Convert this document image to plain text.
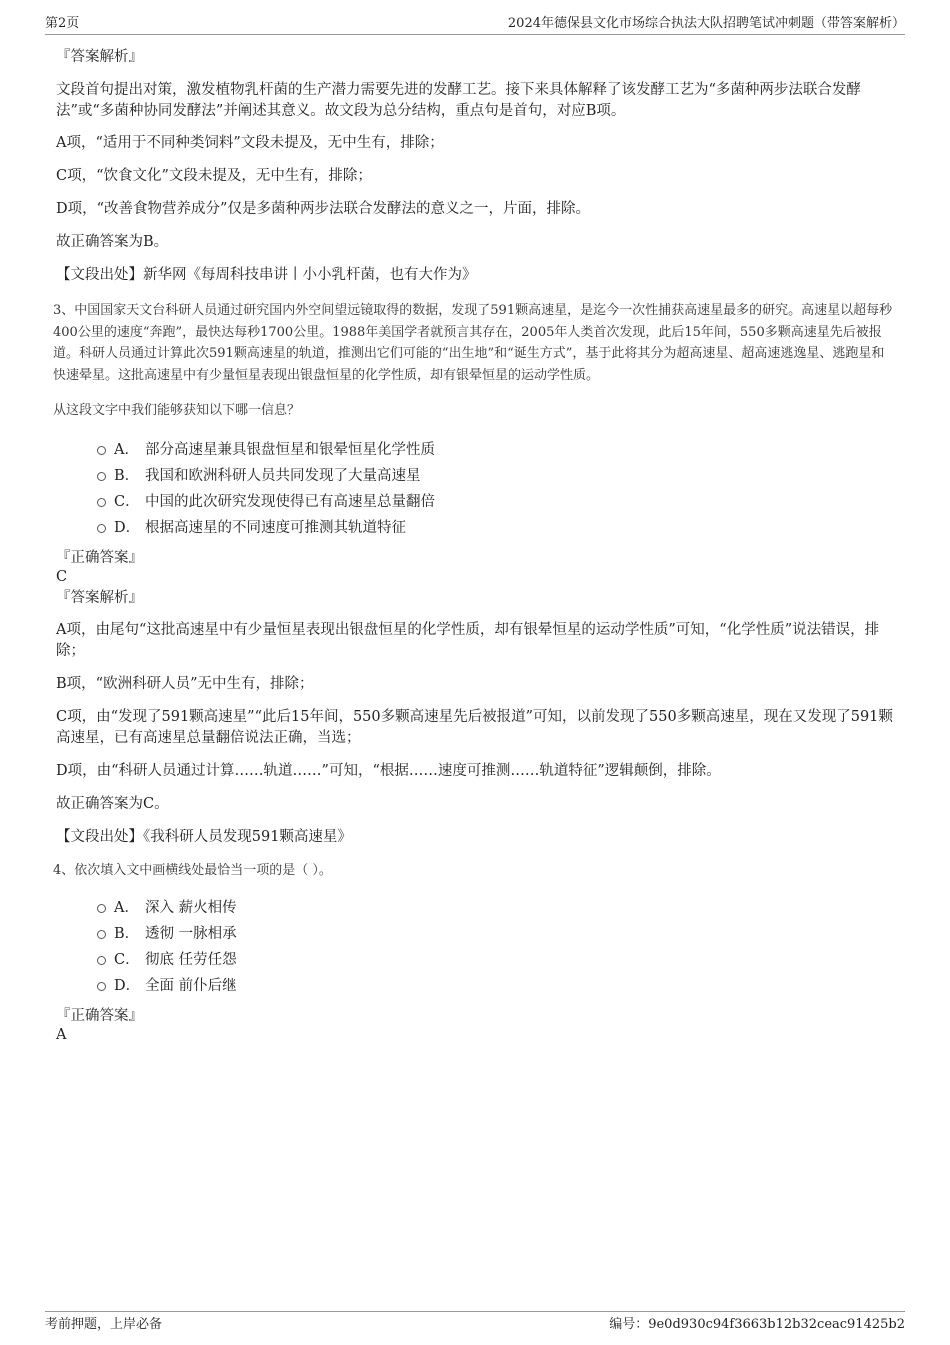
第2页	2024年德保县文化市场综合执法大队招聘笔试冲刺题（带答案解析）

『答案解析』

文段首句提出对策，激发植物乳杆菌的生产潜力需要先进的发酵工艺。接下来具体解释了该发酵工艺为“多菌种两步法联合发酵法”或“多菌种协同发酵法”并阐述其意义。故文段为总分结构，重点句是首句，对应B项。

A项，“适用于不同种类饲料”文段未提及，无中生有，排除；

C项，“饮食文化”文段未提及，无中生有，排除；

D项，“改善食物营养成分”仅是多菌种两步法联合发酵法的意义之一，片面，排除。

故正确答案为B。

【文段出处】新华网《每周科技串讲丨小小乳杆菌，也有大作为》

3、中国国家天文台科研人员通过研究国内外空间望远镜取得的数据，发现了591颗高速星，是迄今一次性捕获高速星最多的研究。高速星以超每秒400公里的速度“奔跑”，最快达每秒1700公里。1988年美国学者就预言其存在，2005年人类首次发现，此后15年间，550多颗高速星先后被报道。科研人员通过计算此次591颗高速星的轨道，推测出它们可能的“出生地”和“诞生方式”，基于此将其分为超高速星、超高速逃逸星、逃跑星和快速晕星。这批高速星中有少量恒星表现出银盘恒星的化学性质，却有银晕恒星的运动学性质。

从这段文字中我们能够获知以下哪一信息？

A． 部分高速星兼具银盘恒星和银晕恒星化学性质
B． 我国和欧洲科研人员共同发现了大量高速星
C． 中国的此次研究发现使得已有高速星总量翻倍
D． 根据高速星的不同速度可推测其轨道特征

『正确答案』

C

『答案解析』

A项，由尾句“这批高速星中有少量恒星表现出银盘恒星的化学性质，却有银晕恒星的运动学性质”可知，“化学性质”说法错误，排除；

B项，“欧洲科研人员”无中生有，排除；

C项，由“发现了591颗高速星”“此后15年间，550多颗高速星先后被报道”可知，以前发现了550多颗高速星，现在又发现了591颗高速星，已有高速星总量翻倍说法正确，当选；

D项，由“科研人员通过计算……轨道……”可知，“根据……速度可推测……轨道特征”逻辑颠倒，排除。

故正确答案为C。

【文段出处】《我科研人员发现591颗高速星》

4、依次填入文中画横线处最恰当一项的是（ ）。

A． 深入 薪火相传
B． 透彻 一脉相承
C． 彻底 任劳任怨
D． 全面 前仆后继

『正确答案』

A

考前押题，上岸必备	编号：9e0d930c94f3663b12b32ceac91425b2
